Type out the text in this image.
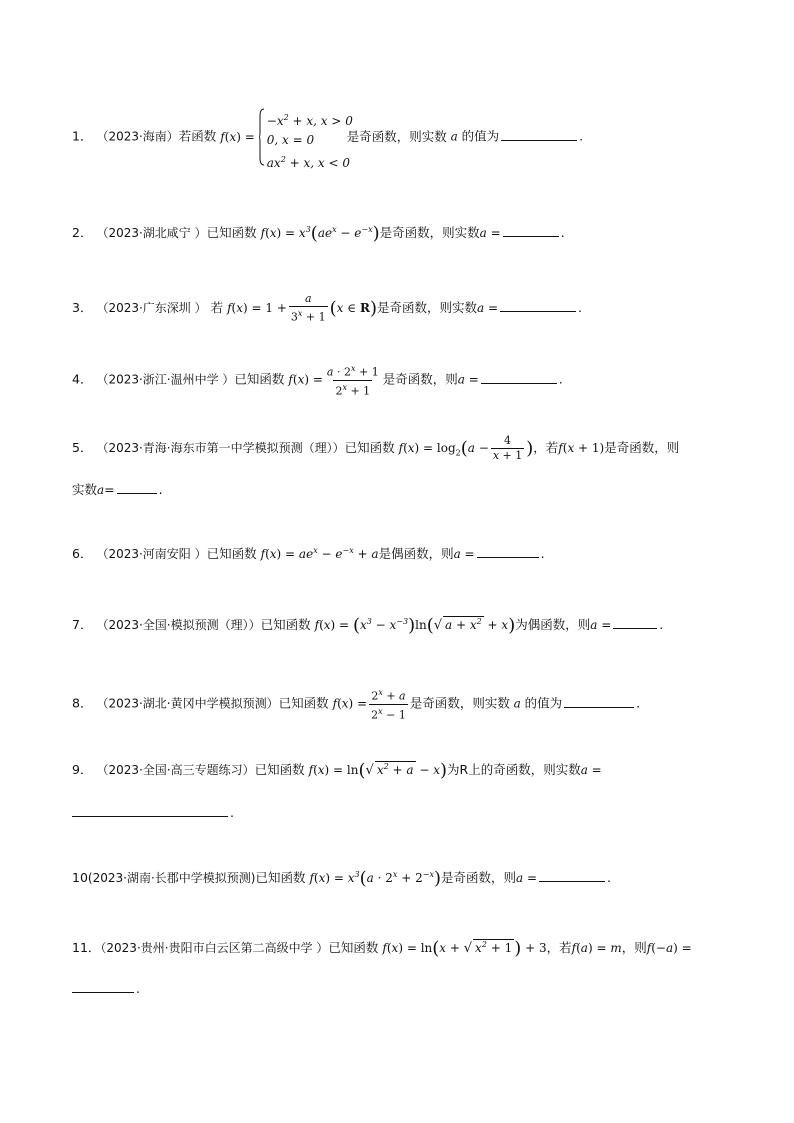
1． （2023·海南）若函数 f(x) =
$-x^2 + x$, x > 0
0, x = 0
$ax^2 + x$, x < 0
是奇函数，则实数 a 的值为	.
2． （2023·湖北咸宁 ）已知函数 $f(x) = x^3(ae^x - e^{-x})$是奇函数，则实数a =	.
3． （2023·广东深圳 ） 若 $f(x) = 1 + \frac{a}{3^x + 1} (x$ ∈ R)是奇函数，则实数a =	.
4． （2023·浙江·温州中学 ）已知函数 $f(x) = \frac{a \cdot 2^x + 1}{2^x + 1}$ 是奇函数，则a =	.
5． （2023·青海·海东市第一中学模拟预测（理））已知函数 $f(x) = \log_2(a - \frac{4}{x + 1}$ )，若f(x + 1)是奇函数，则
实数a=	.
6． （2023·河南安阳 ）已知函数 $f(x) = ae^x - e^{-x} + a$是偶函数，则a =	.
7． （2023·全国·模拟预测（理））已知函数 $f(x) = (x^3 - x^{-3})\ln(√$ $a + x^2 + x$)为偶函数，则a =	.
8． （2023·湖北·黄冈中学模拟预测）已知函数 $f(x) = \frac{2^x + a}{2^x - 1}$ 是奇函数，则实数 a 的值为	.
9． （2023·全国·高三专题练习）已知函数 f(x) = ln(√ $x^2 + a - x$)为R上的奇函数，则实数a =
.
10(2023·湖南·长郡中学模拟预测)已知函数 $f(x) = x^3(a \cdot 2^x + 2^{-x})$是奇函数，则a =	.
11．（2023·贵州·贵阳市白云区第二高级中学 ）已知函数 f(x) = ln(x + √ $x^2 + 1$ ) + 3，若f(a) = m，则f(−a) =
.
